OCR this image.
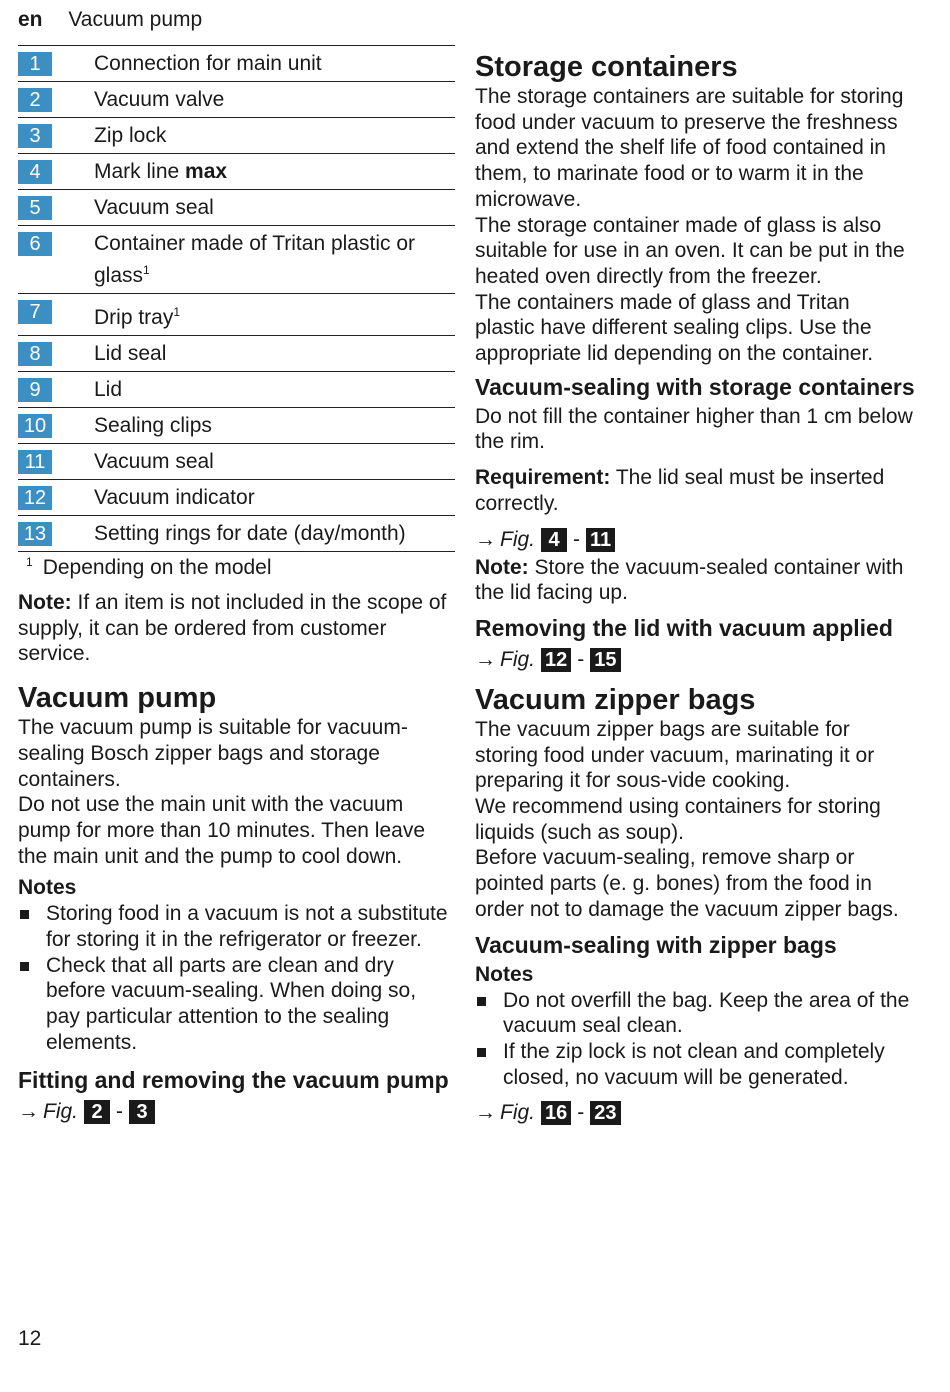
en Vacuum pump
1	Connection for main unit
2	Vacuum valve
3	Zip lock
4	Mark line max
5	Vacuum seal
6	Container made of Tritan plastic or glass$^1$
7	Drip tray$^1$
8	Lid seal
9	Lid
10	Sealing clips
11	Vacuum seal
12	Vacuum indicator
13	Setting rings for date (day/month)
$^1$ Depending on the model

Note: If an item is not included in the scope of supply, it can be ordered from customer service.

Vacuum pump

The vacuum pump is suitable for vacuum-sealing Bosch zipper bags and storage containers.

Do not use the main unit with the vacuum pump for more than 10 minutes. Then leave the main unit and the pump to cool down.

Notes
Storing food in a vacuum is not a substitute for storing it in the refrigerator or freezer.
Check that all parts are clean and dry before vacuum-sealing. When doing so, pay particular attention to the sealing elements.
Fitting and removing the vacuum pump
→ Fig. 2 - 3
Storage containers

The storage containers are suitable for storing food under vacuum to preserve the freshness and extend the shelf life of food contained in them, to marinate food or to warm it in the microwave.

The storage container made of glass is also suitable for use in an oven. It can be put in the heated oven directly from the freezer.

The containers made of glass and Tritan plastic have different sealing clips. Use the appropriate lid depending on the container.

Vacuum-sealing with storage containers

Do not fill the container higher than 1 cm below the rim.

Requirement: The lid seal must be inserted correctly.

→ Fig. 4 - 11

Note: Store the vacuum-sealed container with the lid facing up.

Removing the lid with vacuum applied
→ Fig. 12 - 15
Vacuum zipper bags

The vacuum zipper bags are suitable for storing food under vacuum, marinating it or preparing it for sous-vide cooking.

We recommend using containers for storing liquids (such as soup).

Before vacuum-sealing, remove sharp or pointed parts (e. g. bones) from the food in order not to damage the vacuum zipper bags.

Vacuum-sealing with zipper bags
Notes
Do not overfill the bag. Keep the area of the vacuum seal clean.
If the zip lock is not clean and completely closed, no vacuum will be generated.
→ Fig. 16 - 23
12
